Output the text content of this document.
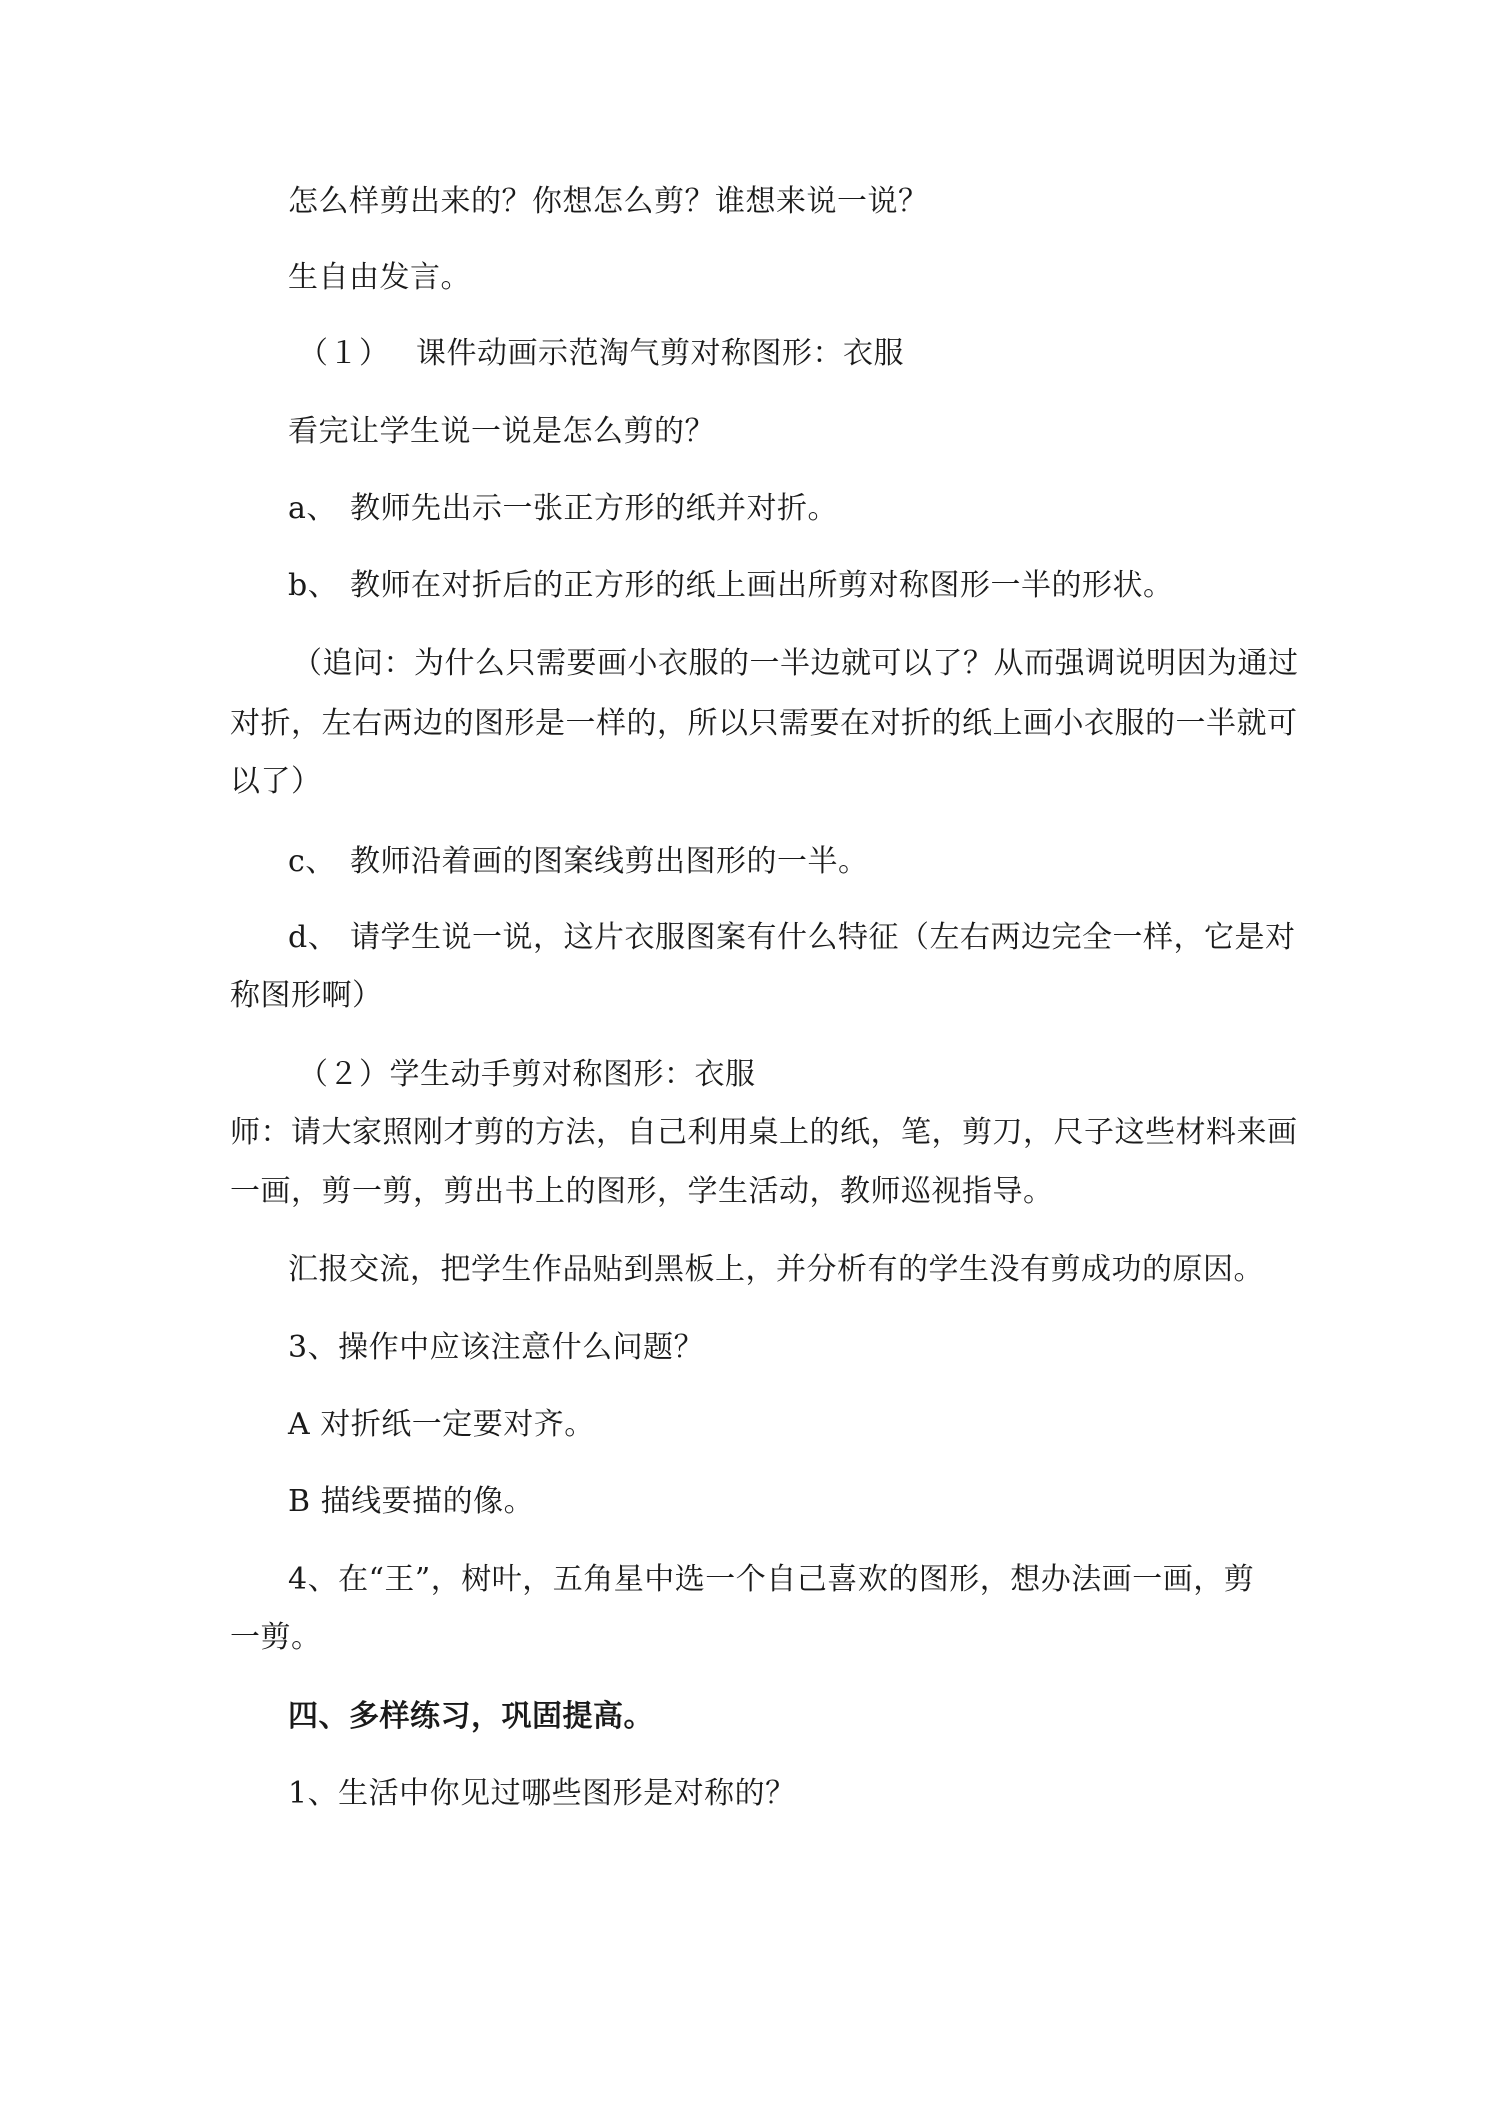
怎么样剪出来的？你想怎么剪？谁想来说一说？
生自由发言。
（１） 课件动画示范淘气剪对称图形：衣服
看完让学生说一说是怎么剪的？
a、 教师先出示一张正方形的纸并对折。
b、 教师在对折后的正方形的纸上画出所剪对称图形一半的形状。
（追问：为什么只需要画小衣服的一半边就可以了？从而强调说明因为通过
对折，左右两边的图形是一样的，所以只需要在对折的纸上画小衣服的一半就可
以了）
c、 教师沿着画的图案线剪出图形的一半。
d、 请学生说一说，这片衣服图案有什么特征（左右两边完全一样，它是对
称图形啊）
（２）学生动手剪对称图形：衣服
师：请大家照刚才剪的方法，自己利用桌上的纸，笔，剪刀，尺子这些材料来画
一画，剪一剪，剪出书上的图形，学生活动，教师巡视指导。
汇报交流，把学生作品贴到黑板上，并分析有的学生没有剪成功的原因。
3、操作中应该注意什么问题？
A 对折纸一定要对齐。
B 描线要描的像。
4、在“王”，树叶，五角星中选一个自己喜欢的图形，想办法画一画，剪
一剪。
四、多样练习，巩固提高。
1、生活中你见过哪些图形是对称的？
